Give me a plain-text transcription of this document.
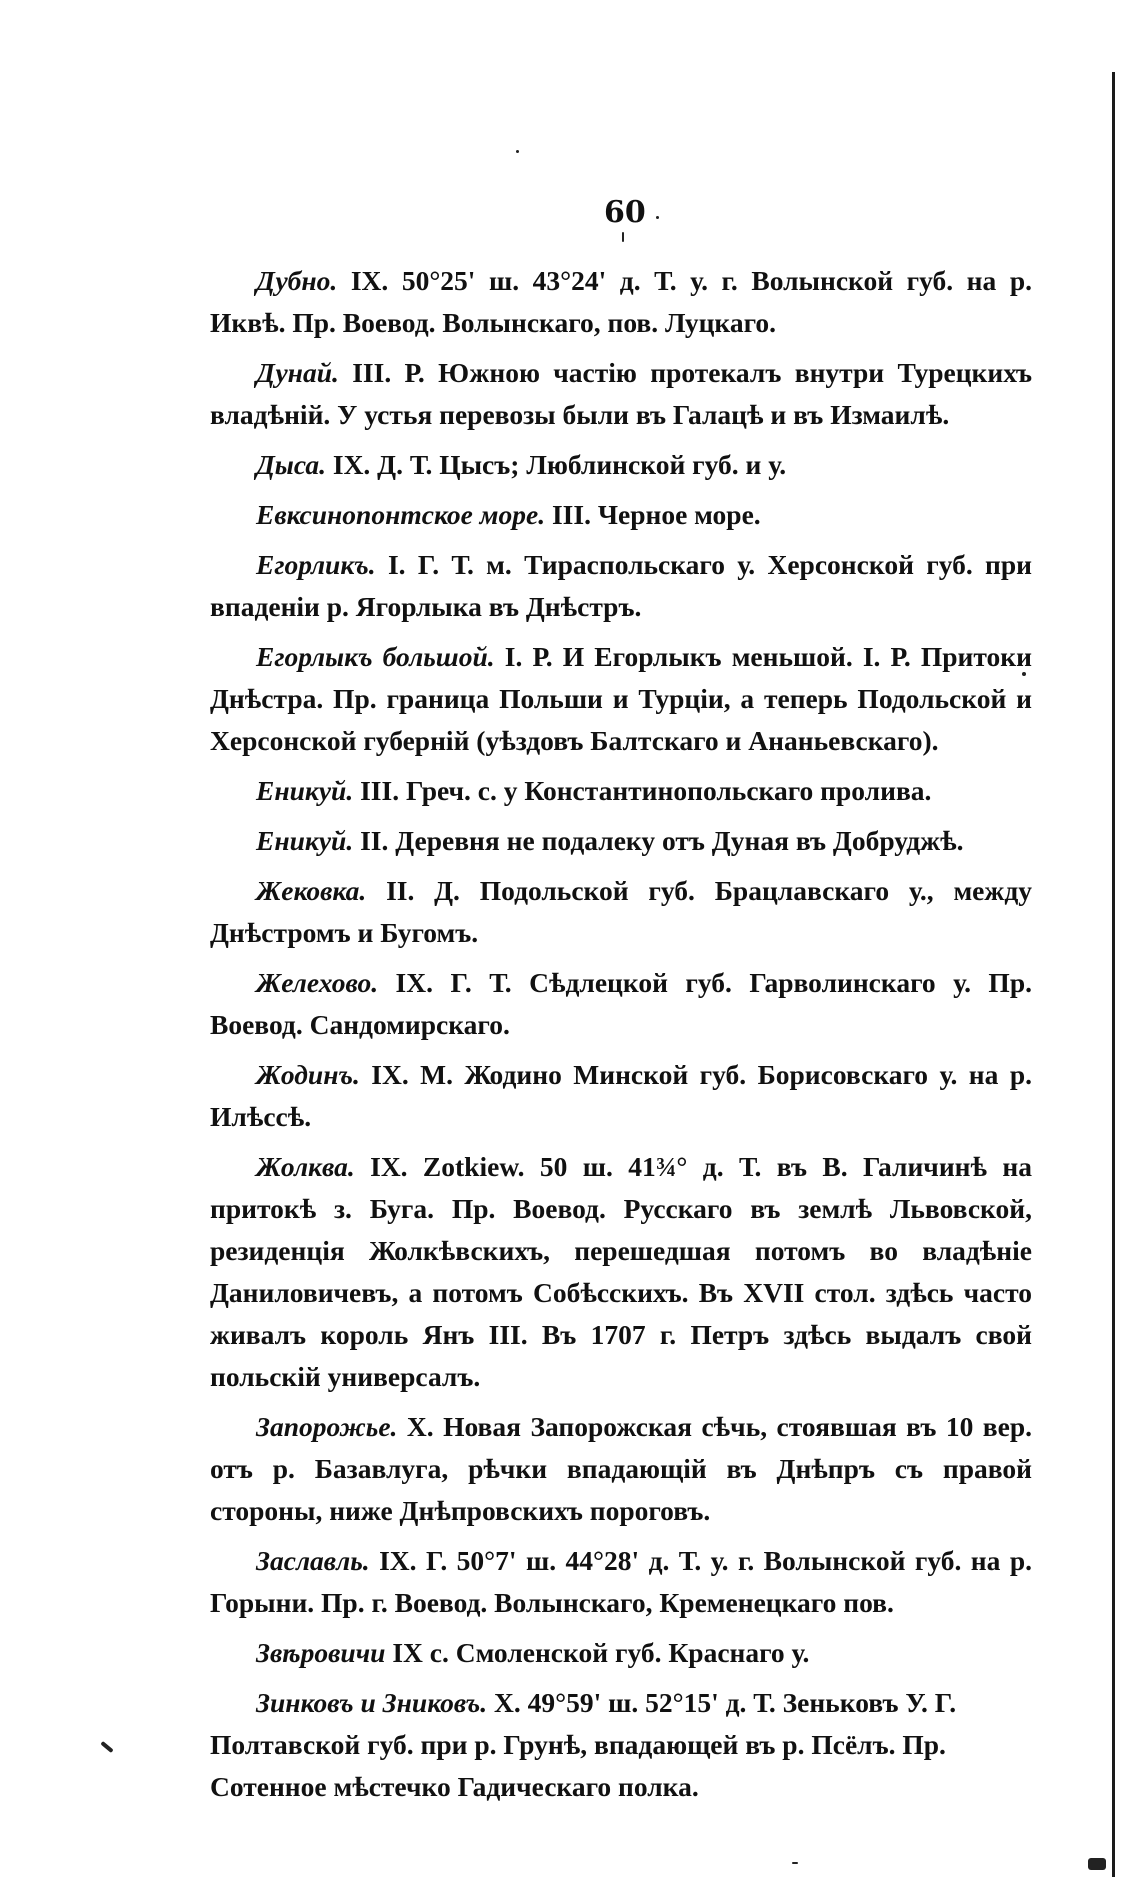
60

Дубно. IX. 50°25' ш. 43°24' д. Т. у. г. Волынской губ. на р. Иквѣ. Пр. Воевод. Волынскаго, пов. Луцкаго.

Дунай. III. Р. Южною частію протекалъ внутри Турецкихъ владѣній. У устья перевозы были въ Галацѣ и въ Измаилѣ.

Дыса. IX. Д. Т. Цысъ; Люблинской губ. и у.

Евксинопонтское море. III. Черное море.

Егорликъ. I. Г. Т. м. Тираспольскаго у. Херсонской губ. при впаденіи р. Ягорлыка въ Днѣстръ.

Егорлыкъ большой. I. Р. И Егорлыкъ меньшой. I. Р. Притоки Днѣстра. Пр. граница Польши и Турціи, а теперь Подольской и Херсонской губерній (уѣздовъ Балтскаго и Ананьевскаго).

Еникуй. III. Греч. с. у Константинопольскаго пролива.

Еникуй. II. Деревня не подалеку отъ Дуная въ Добруджѣ.

Жековка. II. Д. Подольской губ. Брацлавскаго у., между Днѣстромъ и Бугомъ.

Желехово. IX. Г. Т. Сѣдлецкой губ. Гарволинскаго у. Пр. Воевод. Сандомирскаго.

Жодинъ. IX. М. Жодино Минской губ. Борисовскаго у. на р. Илѣссѣ.

Жолква. IX. Zotkiew. 50 ш. 41¾° д. Т. въ В. Галичинѣ на притокѣ з. Буга. Пр. Воевод. Русскаго въ землѣ Львовской, резиденція Жолкѣвскихъ, перешедшая потомъ во владѣніе Даниловичевъ, а потомъ Собѣсскихъ. Въ XVII стол. здѣсь часто живалъ король Янъ III. Въ 1707 г. Петръ здѣсь выдалъ свой польскій универсалъ.

Запорожье. X. Новая Запорожская сѣчь, стоявшая въ 10 вер. отъ р. Базавлуга, рѣчки впадающій въ Днѣпръ съ правой стороны, ниже Днѣпровскихъ пороговъ.

Заславль. IX. Г. 50°7' ш. 44°28' д. Т. у. г. Волынской губ. на р. Горыни. Пр. г. Воевод. Волынскаго, Кременецкаго пов.

Звѣровичи IX с. Смоленской губ. Краснаго у.

Зинковъ и Зниковъ. X. 49°59' ш. 52°15' д. Т. Зеньковъ У. Г. Полтавской губ. при р. Грунѣ, впадающей въ р. Псёлъ. Пр. Сотенное мѣстечко Гадическаго полка.
